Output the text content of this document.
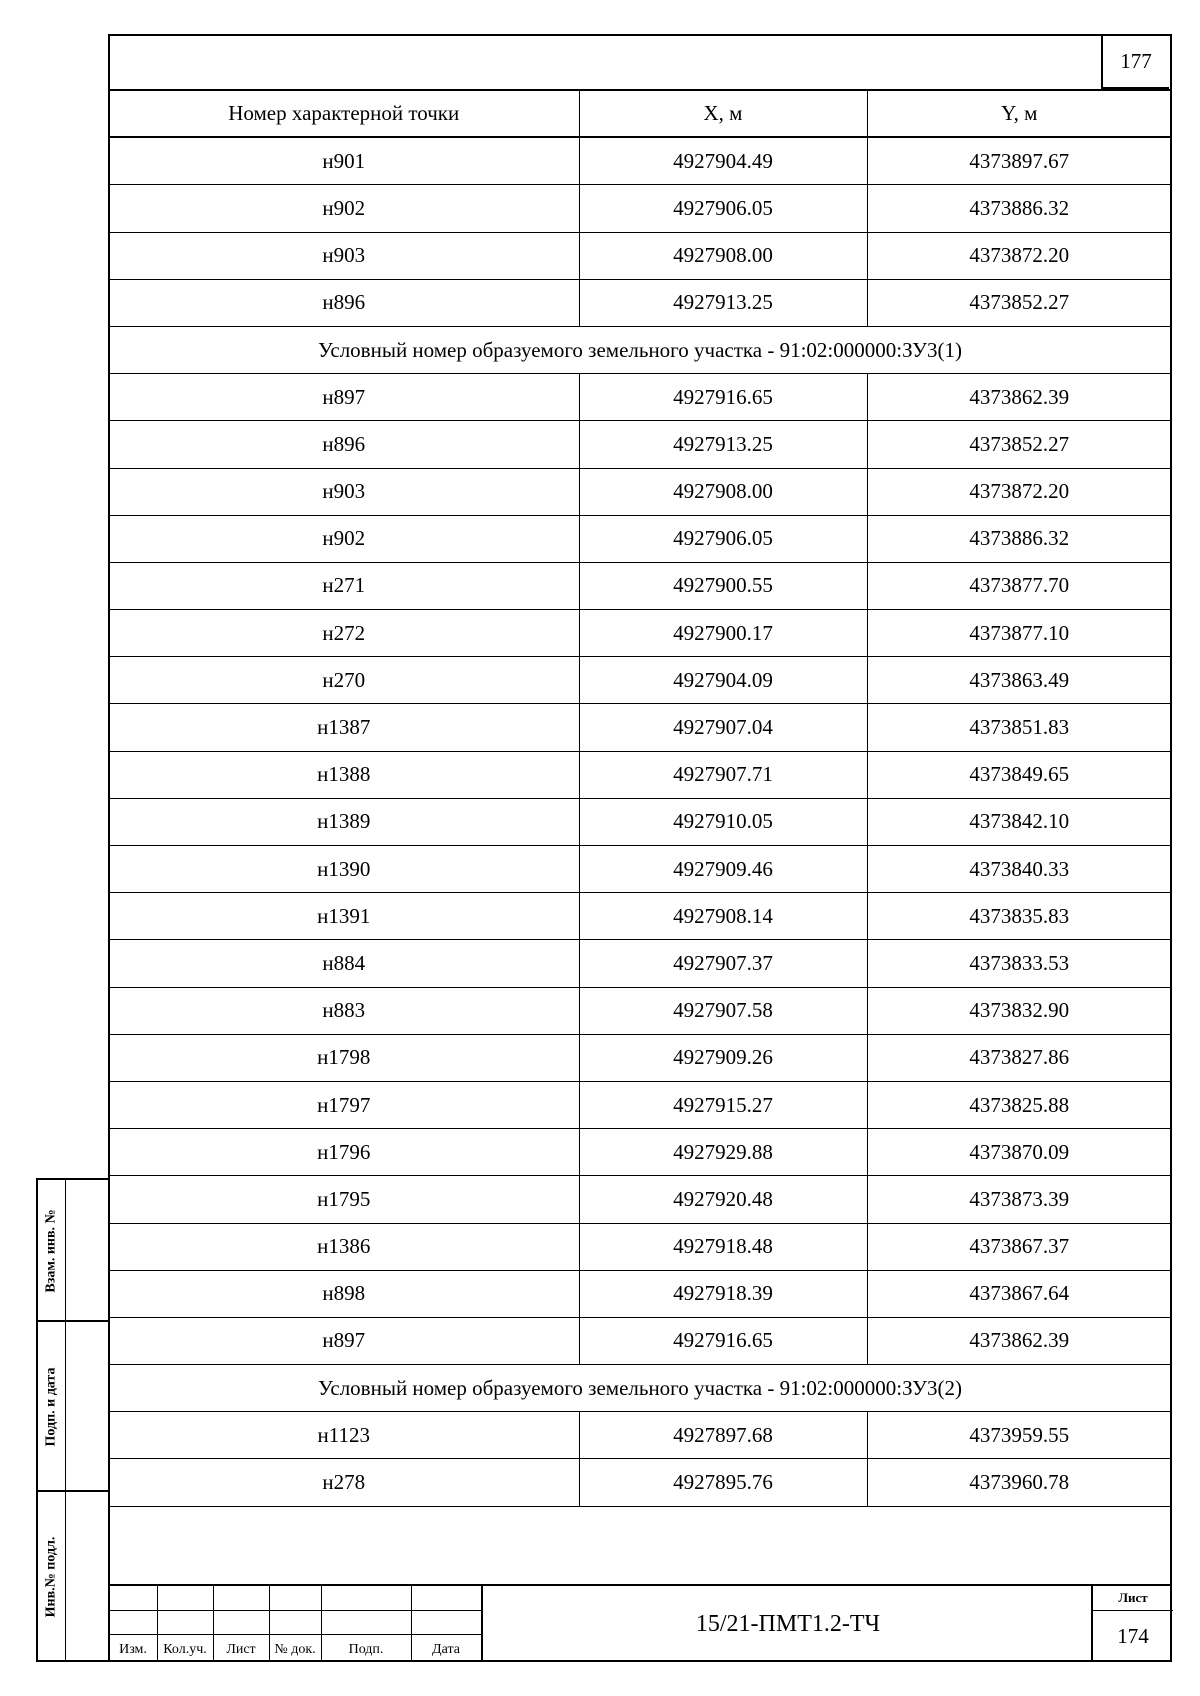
177
Номер характерной точки	X, м	Y, м
н901	4927904.49	4373897.67
н902	4927906.05	4373886.32
н903	4927908.00	4373872.20
н896	4927913.25	4373852.27
Условный номер образуемого земельного участка - 91:02:000000:ЗУ3(1)		
н897	4927916.65	4373862.39
н896	4927913.25	4373852.27
н903	4927908.00	4373872.20
н902	4927906.05	4373886.32
н271	4927900.55	4373877.70
н272	4927900.17	4373877.10
н270	4927904.09	4373863.49
н1387	4927907.04	4373851.83
н1388	4927907.71	4373849.65
н1389	4927910.05	4373842.10
н1390	4927909.46	4373840.33
н1391	4927908.14	4373835.83
н884	4927907.37	4373833.53
н883	4927907.58	4373832.90
н1798	4927909.26	4373827.86
н1797	4927915.27	4373825.88
н1796	4927929.88	4373870.09
н1795	4927920.48	4373873.39
н1386	4927918.48	4373867.37
н898	4927918.39	4373867.64
н897	4927916.65	4373862.39
Условный номер образуемого земельного участка - 91:02:000000:ЗУ3(2)		
н1123	4927897.68	4373959.55
н278	4927895.76	4373960.78
Взам. инв. №
Подп. и дата
Инв.№ подл.
Изм.	Кол.уч.	Лист	№ док.	Подп.	Дата
15/21-ПМТ1.2-ТЧ
Лист
174
